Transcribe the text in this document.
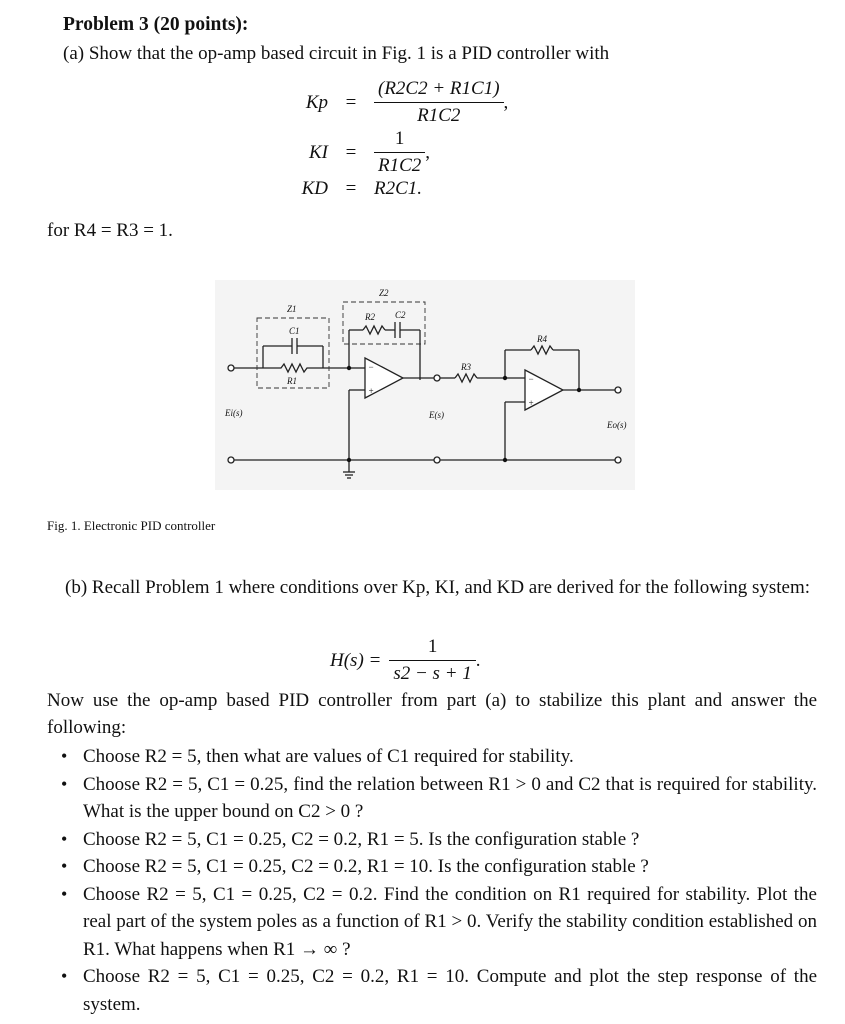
Problem 3 (20 points):
(a) Show that the op-amp based circuit in Fig. 1 is a PID controller with
$Kp = \frac{(R2C2 + R1C1)}{R1C2}$ ,
KI = $\frac{1}{R1C2}$ ,
KD = R2C1.
for R4 = R3 = 1.
Z1
Z2
C1
C2
R1
R2
R3
R4
Ei(s)	E(s)
Eo(s)
−
+
−
+
Fig. 1. Electronic PID controller
(b) Recall Problem 1 where conditions over Kp, KI, and KD are derived for the following system:
$H(s) = \frac{1}{s2 - s + 1}$ .
Now use the op-amp based PID controller from part (a) to stabilize this plant and answer the following:
• Choose R2 = 5, then what are values of C1 required for stability.
• Choose R2 = 5, C1 = 0.25, find the relation between R1 > 0 and C2 that is required for stability. What is the upper bound on C2 > 0 ?
• Choose R2 = 5, C1 = 0.25, C2 = 0.2, R1 = 5. Is the configuration stable ?
• Choose R2 = 5, C1 = 0.25, C2 = 0.2, R1 = 10. Is the configuration stable ?
• Choose R2 = 5, C1 = 0.25, C2 = 0.2. Find the condition on R1 required for stability. Plot the real part of the system poles as a function of R1 > 0. Verify the stability condition established on R1. What happens when R1 → ∞ ?
• Choose R2 = 5, C1 = 0.25, C2 = 0.2, R1 = 10. Compute and plot the step response of the system.
